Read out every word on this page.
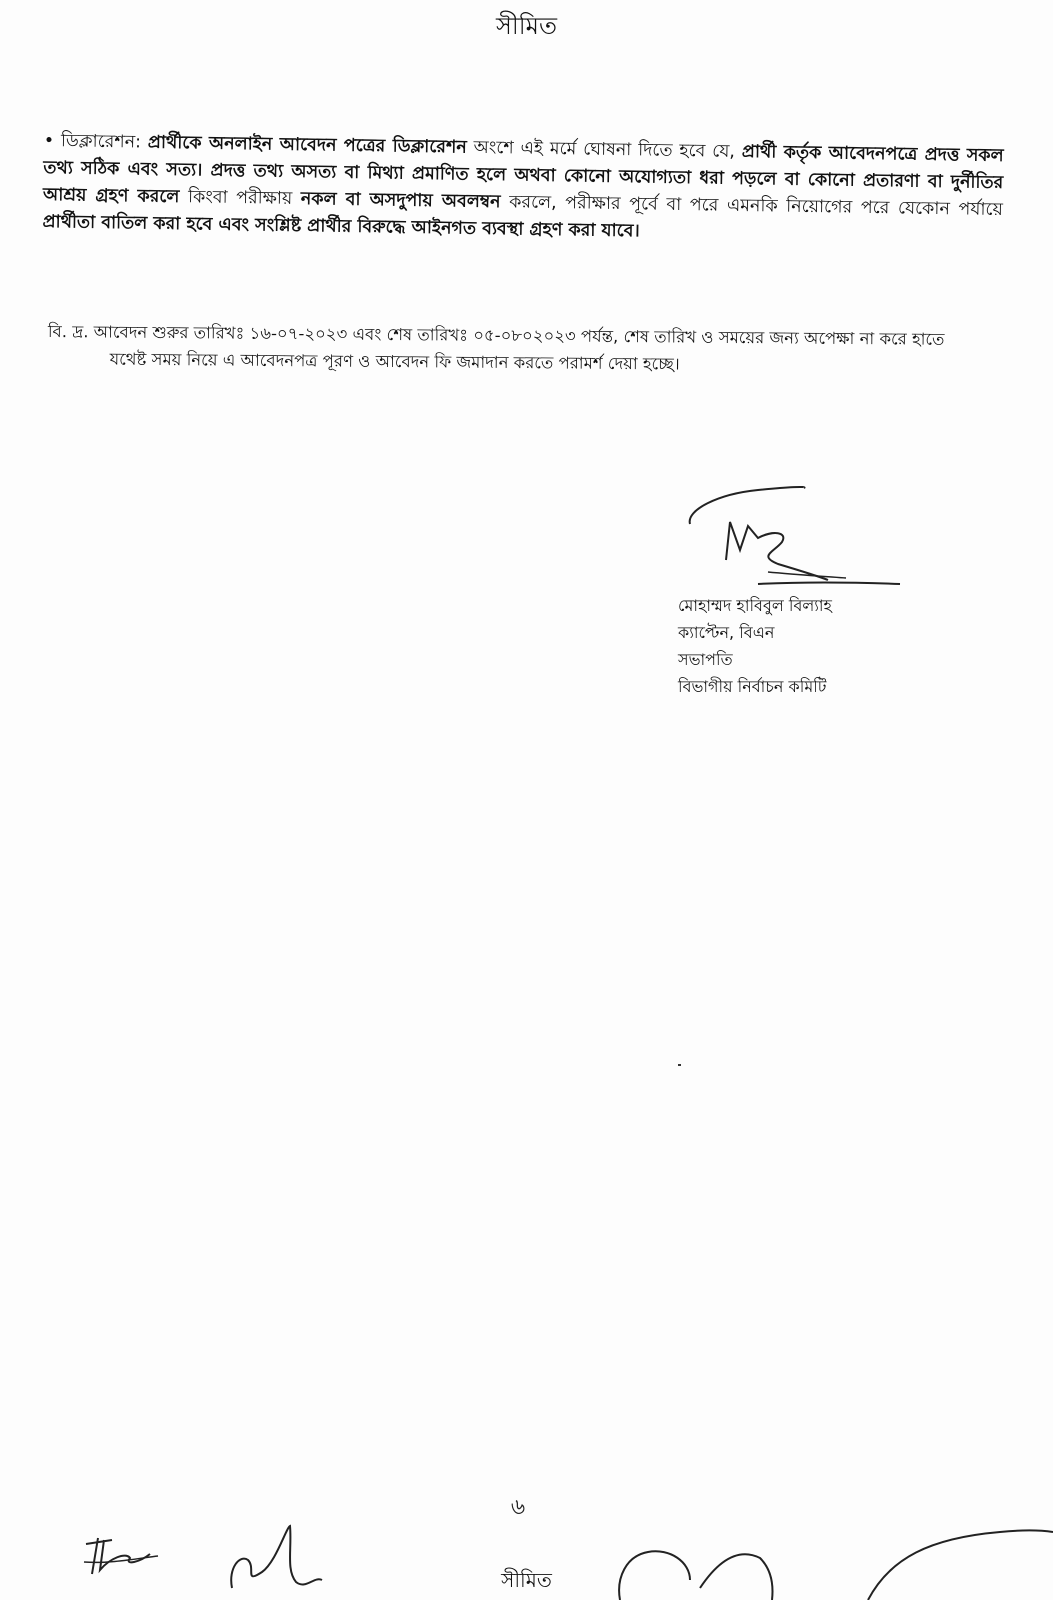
সীমিত
• ডিক্লারেশন: প্রার্থীকে অনলাইন আবেদন পত্রের ডিক্লারেশন অংশে এই মর্মে ঘোষনা দিতে হবে যে, প্রার্থী কর্তৃক আবেদনপত্রে প্রদত্ত সকল তথ্য সঠিক এবং সত্য। প্রদত্ত তথ্য অসত্য বা মিথ্যা প্রমাণিত হলে অথবা কোনো অযোগ্যতা ধরা পড়লে বা কোনো প্রতারণা বা দুর্নীতির আশ্রয় গ্রহণ করলে কিংবা পরীক্ষায় নকল বা অসদুপায় অবলম্বন করলে, পরীক্ষার পূর্বে বা পরে এমনকি নিয়োগের পরে যেকোন পর্যায়ে প্রার্থীতা বাতিল করা হবে এবং সংশ্লিষ্ট প্রার্থীর বিরুদ্ধে আইনগত ব্যবস্থা গ্রহণ করা যাবে।
বি. দ্র. আবেদন শুরুর তারিখঃ ১৬-০৭-২০২৩ এবং শেষ তারিখঃ ০৫-০৮০২০২৩ পর্যন্ত, শেষ তারিখ ও সময়ের জন্য অপেক্ষা না করে হাতে
যথেষ্ট সময় নিয়ে এ আবেদনপত্র পূরণ ও আবেদন ফি জমাদান করতে পরামর্শ দেয়া হচ্ছে।
মোহাম্মদ হাবিবুল বিল্যাহ
ক্যাপ্টেন, বিএন
সভাপতি
বিভাগীয় নির্বাচন কমিটি
৬
সীমিত
